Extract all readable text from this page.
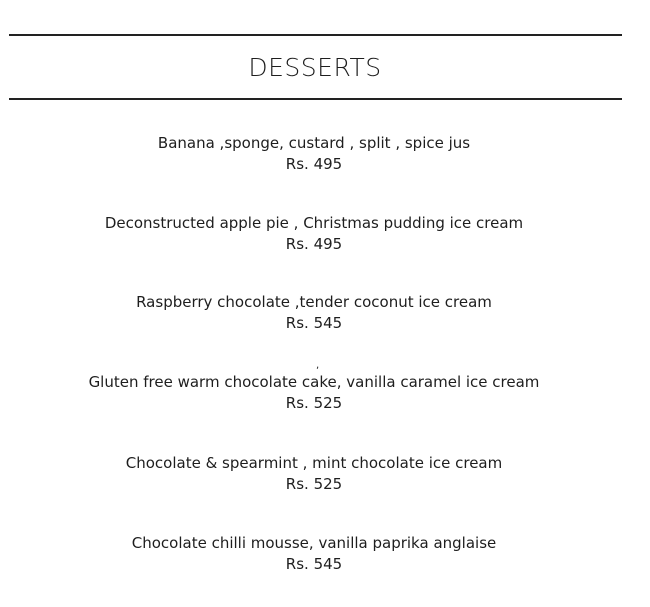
DESSERTS
Banana ,sponge, custard , split , spice jus
Rs. 495
Deconstructed apple pie , Christmas pudding ice cream
Rs. 495
Raspberry chocolate ,tender coconut ice cream
Rs. 545
,
Gluten free warm chocolate cake, vanilla caramel ice cream
Rs. 525
Chocolate & spearmint , mint chocolate ice cream
Rs. 525
Chocolate chilli mousse, vanilla paprika anglaise
Rs. 545
